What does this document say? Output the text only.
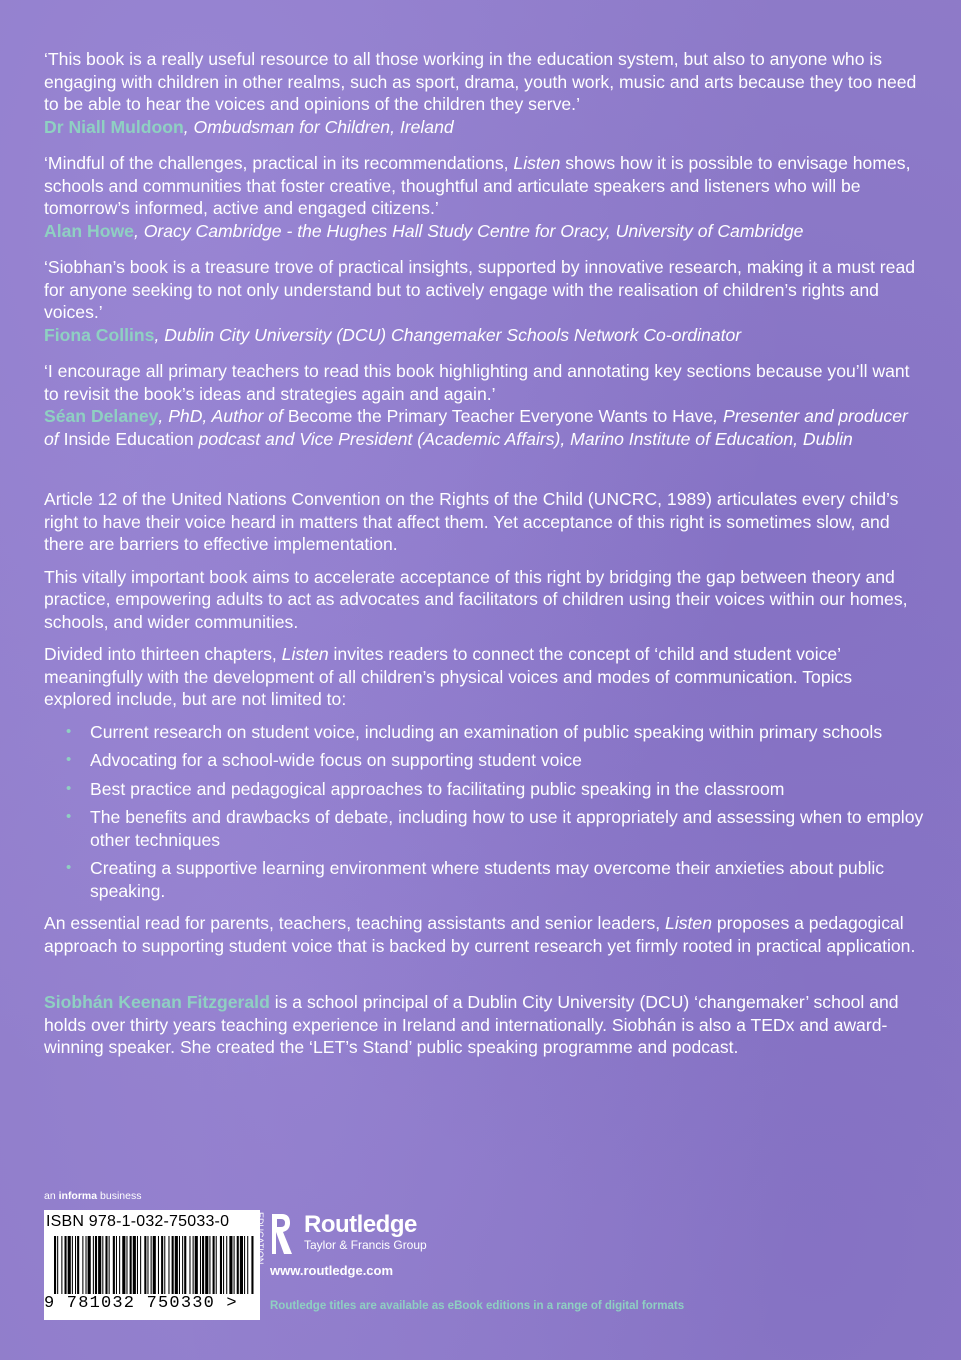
‘This book is a really useful resource to all those working in the education system, but also to anyone who is engaging with children in other realms, such as sport, drama, youth work, music and arts because they too need to be able to hear the voices and opinions of the children they serve.’

Dr Niall Muldoon, Ombudsman for Children, Ireland

‘Mindful of the challenges, practical in its recommendations, Listen shows how it is possible to envisage homes, schools and communities that foster creative, thoughtful and articulate speakers and listeners who will be tomorrow’s informed, active and engaged citizens.’

Alan Howe, Oracy Cambridge - the Hughes Hall Study Centre for Oracy, University of Cambridge

‘Siobhan’s book is a treasure trove of practical insights, supported by innovative research, making it a must read for anyone seeking to not only understand but to actively engage with the realisation of children’s rights and voices.’

Fiona Collins, Dublin City University (DCU) Changemaker Schools Network Co-ordinator

‘I encourage all primary teachers to read this book highlighting and annotating key sections because you’ll want to revisit the book’s ideas and strategies again and again.’

Séan Delaney, PhD, Author of Become the Primary Teacher Everyone Wants to Have, Presenter and producer of Inside Education podcast and Vice President (Academic Affairs), Marino Institute of Education, Dublin

Article 12 of the United Nations Convention on the Rights of the Child (UNCRC, 1989) articulates every child’s right to have their voice heard in matters that affect them. Yet acceptance of this right is sometimes slow, and there are barriers to effective implementation.

This vitally important book aims to accelerate acceptance of this right by bridging the gap between theory and practice, empowering adults to act as advocates and facilitators of children using their voices within our homes, schools, and wider communities.

Divided into thirteen chapters, Listen invites readers to connect the concept of ‘child and student voice’ meaningfully with the development of all children’s physical voices and modes of communication. Topics explored include, but are not limited to:

• Current research on student voice, including an examination of public speaking within primary schools
• Advocating for a school-wide focus on supporting student voice
• Best practice and pedagogical approaches to facilitating public speaking in the classroom
• The benefits and drawbacks of debate, including how to use it appropriately and assessing when to employ other techniques
• Creating a supportive learning environment where students may overcome their anxieties about public speaking.

An essential read for parents, teachers, teaching assistants and senior leaders, Listen proposes a pedagogical approach to supporting student voice that is backed by current research yet firmly rooted in practical application.

Siobhán Keenan Fitzgerald is a school principal of a Dublin City University (DCU) ‘changemaker’ school and holds over thirty years teaching experience in Ireland and internationally. Siobhán is also a TEDx and award-winning speaker. She created the ‘LET’s Stand’ public speaking programme and podcast.

an informa business
ISBN 978-1-032-75033-0
9 781032 750330 >
EDUCATION Routledge
Taylor & Francis Group
www.routledge.com
Routledge titles are available as eBook editions in a range of digital formats
